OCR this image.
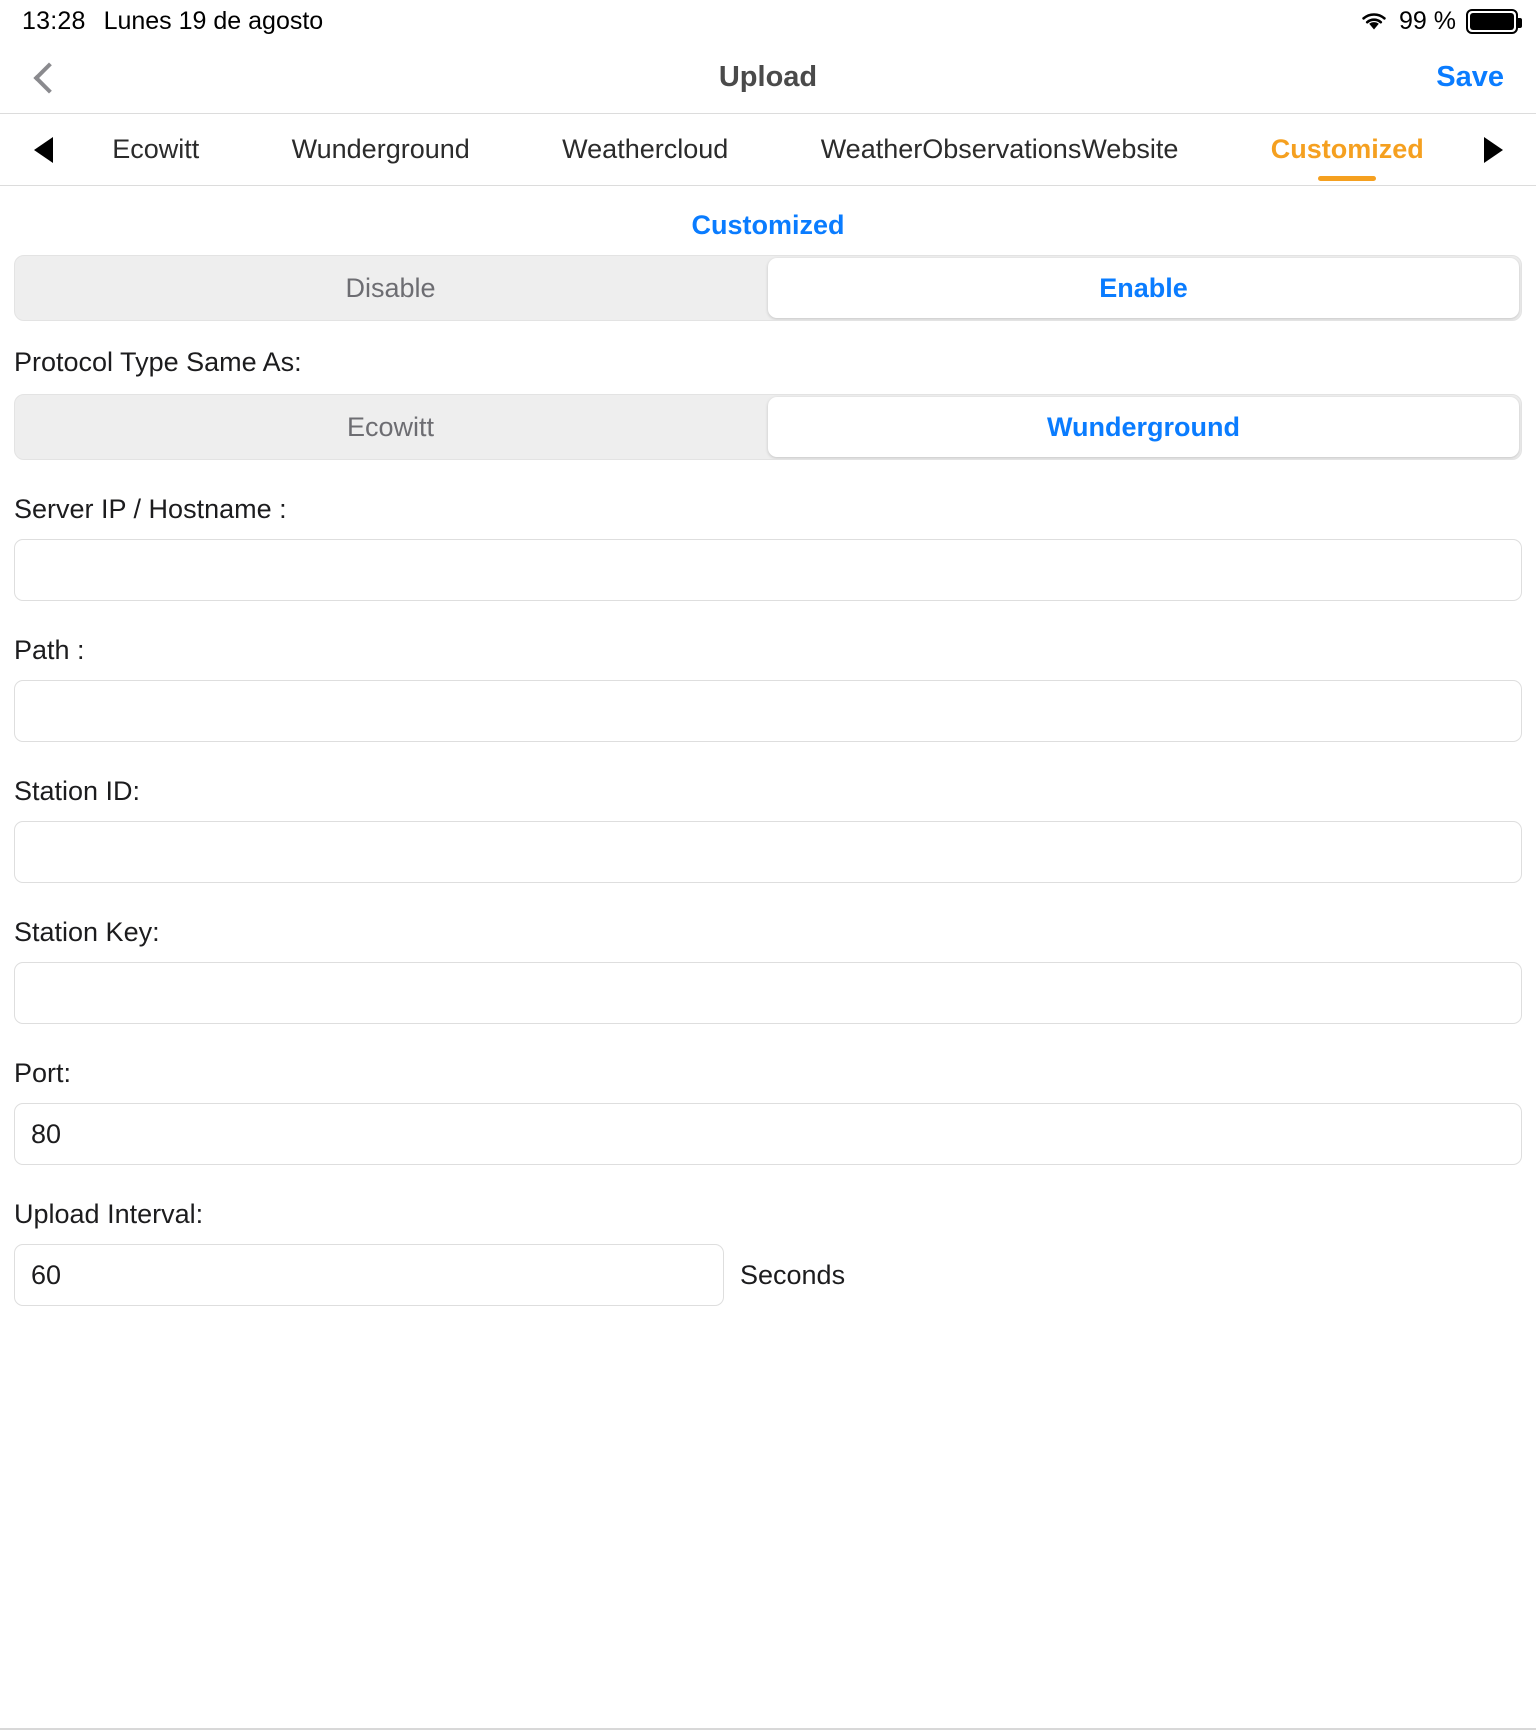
13:28 Lunes 19 de agosto	99 %
Upload	Save
Ecowitt	Wunderground	Weathercloud	WeatherObservationsWebsite	Customized
Customized
Disable	Enable
Protocol Type Same As:
Ecowitt	Wunderground
Server IP / Hostname :
Path :
Station ID:
Station Key:
Port:
80
Upload Interval:
60
Seconds
